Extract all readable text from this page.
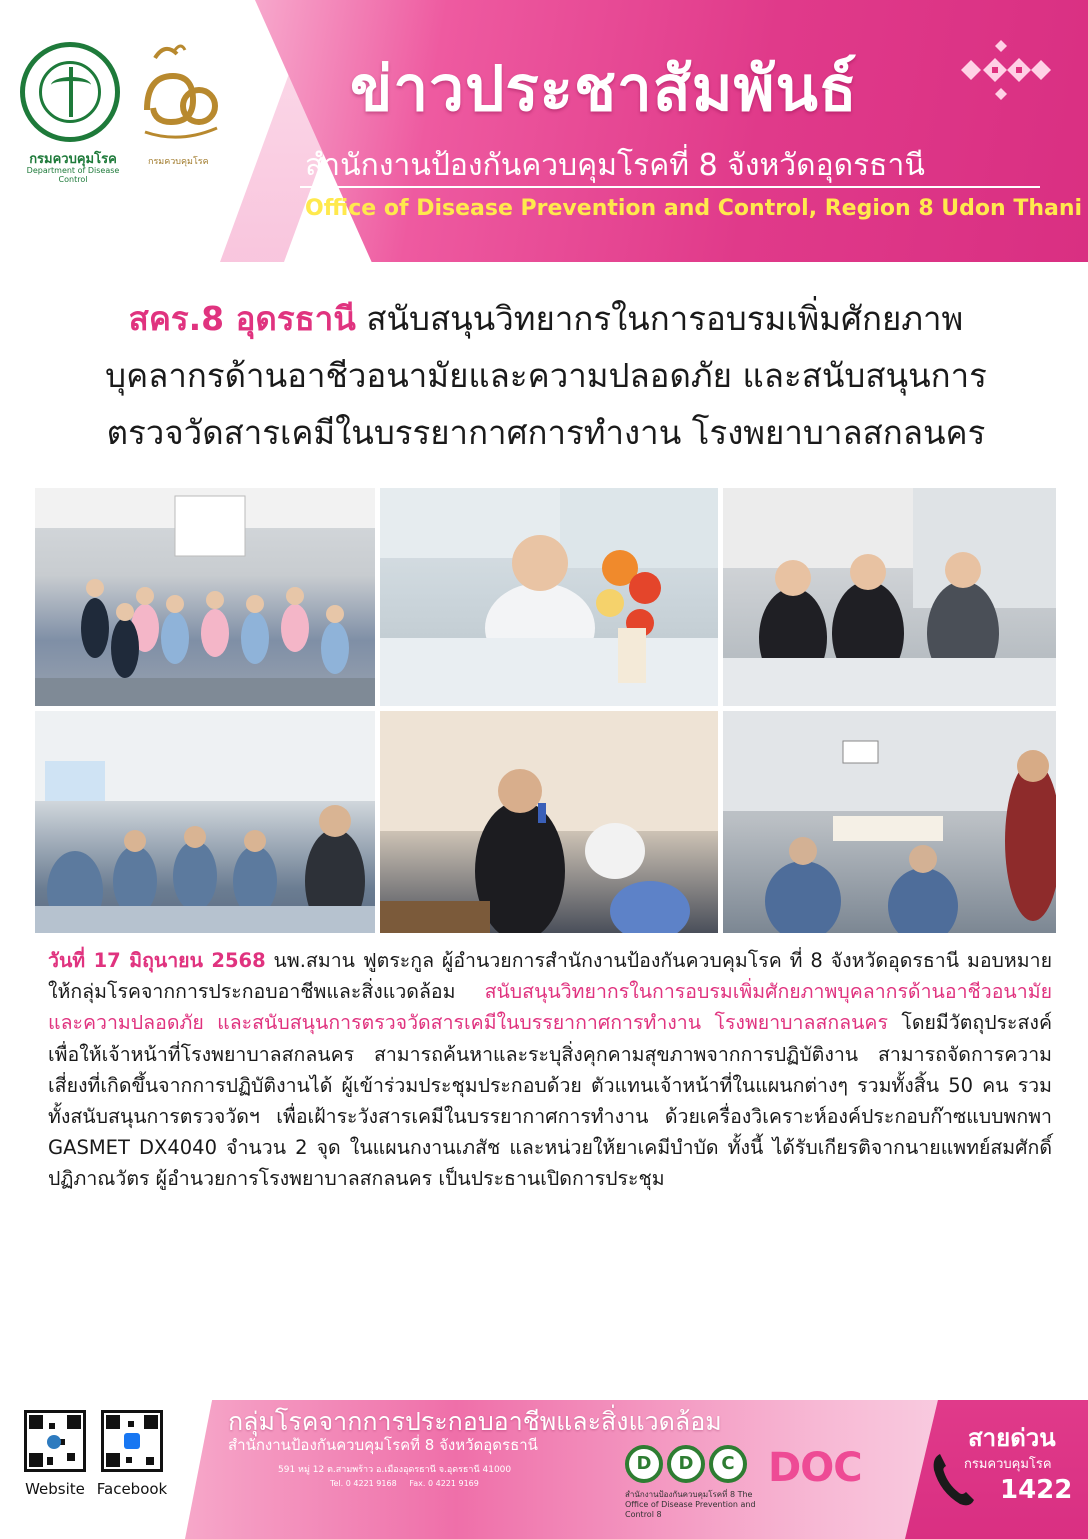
กรมควบคุมโรค
Department of Disease Control
กรมควบคุมโรค
ข่าวประชาสัมพันธ์
สำนักงานป้องกันควบคุมโรคที่ 8 จังหวัดอุดรธานี
Office of Disease Prevention and Control, Region 8 Udon Thani
สคร.8 อุดรธานี สนับสนุนวิทยากรในการอบรมเพิ่มศักยภาพ
บุคลากรด้านอาชีวอนามัยและความปลอดภัย และสนับสนุนการ
ตรวจวัดสารเคมีในบรรยากาศการทำงาน โรงพยาบาลสกลนคร
วันที่ 17 มิถุนายน 2568 นพ.สมาน ฟูตระกูล ผู้อำนวยการสำนักงานป้องกันควบคุมโรค ที่ 8 จังหวัดอุดรธานี มอบหมายให้กลุ่มโรคจากการประกอบอาชีพและสิ่งแวดล้อม สนับสนุนวิทยากรในการอบรมเพิ่มศักยภาพบุคลากรด้านอาชีวอนามัยและความปลอดภัย และสนับสนุนการตรวจวัดสารเคมีในบรรยากาศการทำงาน โรงพยาบาลสกลนคร โดยมีวัตถุประสงค์เพื่อให้เจ้าหน้าที่โรงพยาบาลสกลนคร สามารถค้นหาและระบุสิ่งคุกคามสุขภาพจากการปฏิบัติงาน สามารถจัดการความเสี่ยงที่เกิดขึ้นจากการปฏิบัติงานได้ ผู้เข้าร่วมประชุมประกอบด้วย ตัวแทนเจ้าหน้าที่ในแผนกต่างๆ รวมทั้งสิ้น 50 คน รวมทั้งสนับสนุนการตรวจวัดฯ เพื่อเฝ้าระวังสารเคมีในบรรยากาศการทำงาน ด้วยเครื่องวิเคราะห์องค์ประกอบก๊าซแบบพกพา GASMET DX4040 จำนวน 2 จุด ในแผนกงานเภสัช และหน่วยให้ยาเคมีบำบัด ทั้งนี้ ได้รับเกียรติจากนายแพทย์สมศักดิ์ ปฏิภาณวัตร ผู้อำนวยการโรงพยาบาลสกลนคร เป็นประธานเปิดการประชุม
Website Facebook
กลุ่มโรคจากการประกอบอาชีพและสิ่งแวดล้อม
สำนักงานป้องกันควบคุมโรคที่ 8 จังหวัดอุดรธานี
591 หมู่ 12 ต.สามพร้าว อ.เมืองอุดรธานี จ.อุดรธานี 41000
Tel. 0 4221 9168 Fax. 0 4221 9169
D	D	C
สำนักงานป้องกันควบคุมโรคที่ 8 The Office of Disease Prevention and Control 8
DOC
สายด่วน
กรมควบคุมโรค
1422
